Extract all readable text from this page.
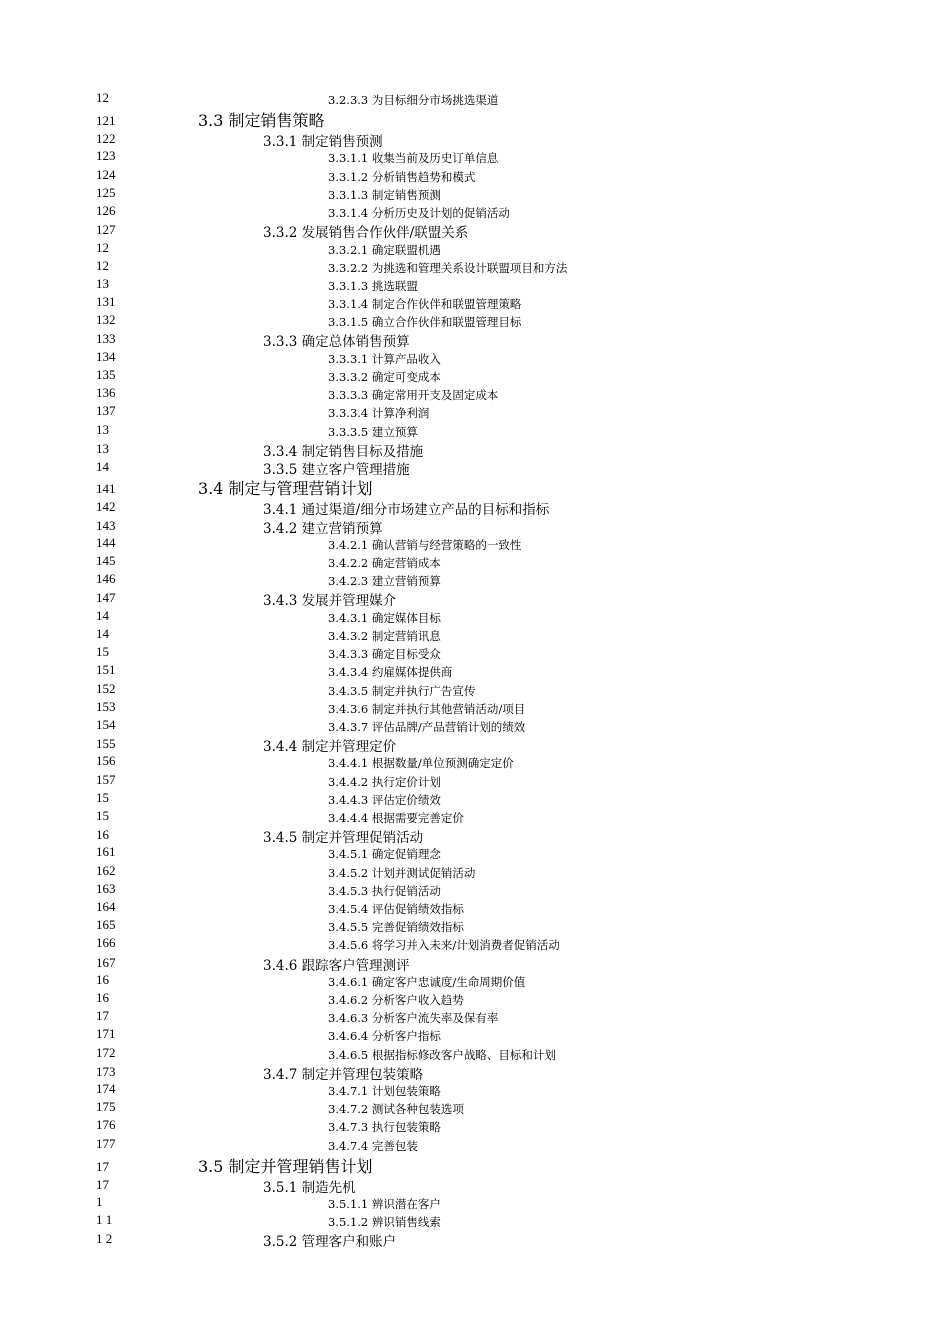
12	3.2.3.3 为目标细分市场挑选渠道
121	3.3 制定销售策略
122	3.3.1 制定销售预测
123	3.3.1.1 收集当前及历史订单信息
124	3.3.1.2 分析销售趋势和模式
125	3.3.1.3 制定销售预测
126	3.3.1.4 分析历史及计划的促销活动
127	3.3.2 发展销售合作伙伴/联盟关系
12	3.3.2.1 确定联盟机遇
12	3.3.2.2 为挑选和管理关系设计联盟项目和方法
13	3.3.1.3 挑选联盟
131	3.3.1.4 制定合作伙伴和联盟管理策略
132	3.3.1.5 确立合作伙伴和联盟管理目标
133	3.3.3 确定总体销售预算
134	3.3.3.1 计算产品收入
135	3.3.3.2 确定可变成本
136	3.3.3.3 确定常用开支及固定成本
137	3.3.3.4 计算净利润
13	3.3.3.5 建立预算
13	3.3.4 制定销售目标及措施
14	3.3.5 建立客户管理措施
141	3.4 制定与管理营销计划
142	3.4.1 通过渠道/细分市场建立产品的目标和指标
143	3.4.2 建立营销预算
144	3.4.2.1 确认营销与经营策略的一致性
145	3.4.2.2 确定营销成本
146	3.4.2.3 建立营销预算
147	3.4.3 发展并管理媒介
14	3.4.3.1 确定媒体目标
14	3.4.3.2 制定营销讯息
15	3.4.3.3 确定目标受众
151	3.4.3.4 约雇媒体提供商
152	3.4.3.5 制定并执行广告宣传
153	3.4.3.6 制定并执行其他营销活动/项目
154	3.4.3.7 评估品牌/产品营销计划的绩效
155	3.4.4 制定并管理定价
156	3.4.4.1 根据数量/单位预测确定定价
157	3.4.4.2 执行定价计划
15	3.4.4.3 评估定价绩效
15	3.4.4.4 根据需要完善定价
16	3.4.5 制定并管理促销活动
161	3.4.5.1 确定促销理念
162	3.4.5.2 计划并测试促销活动
163	3.4.5.3 执行促销活动
164	3.4.5.4 评估促销绩效指标
165	3.4.5.5 完善促销绩效指标
166	3.4.5.6 将学习并入未来/计划消费者促销活动
167	3.4.6 跟踪客户管理测评
16	3.4.6.1 确定客户忠诚度/生命周期价值
16	3.4.6.2 分析客户收入趋势
17	3.4.6.3 分析客户流失率及保有率
171	3.4.6.4 分析客户指标
172	3.4.6.5 根据指标修改客户战略、目标和计划
173	3.4.7 制定并管理包装策略
174	3.4.7.1 计划包装策略
175	3.4.7.2 测试各种包装选项
176	3.4.7.3 执行包装策略
177	3.4.7.4 完善包装
17	3.5 制定并管理销售计划
17	3.5.1 制造先机
1	3.5.1.1 辨识潜在客户
1 1	3.5.1.2 辨识销售线索
1 2	3.5.2 管理客户和账户
